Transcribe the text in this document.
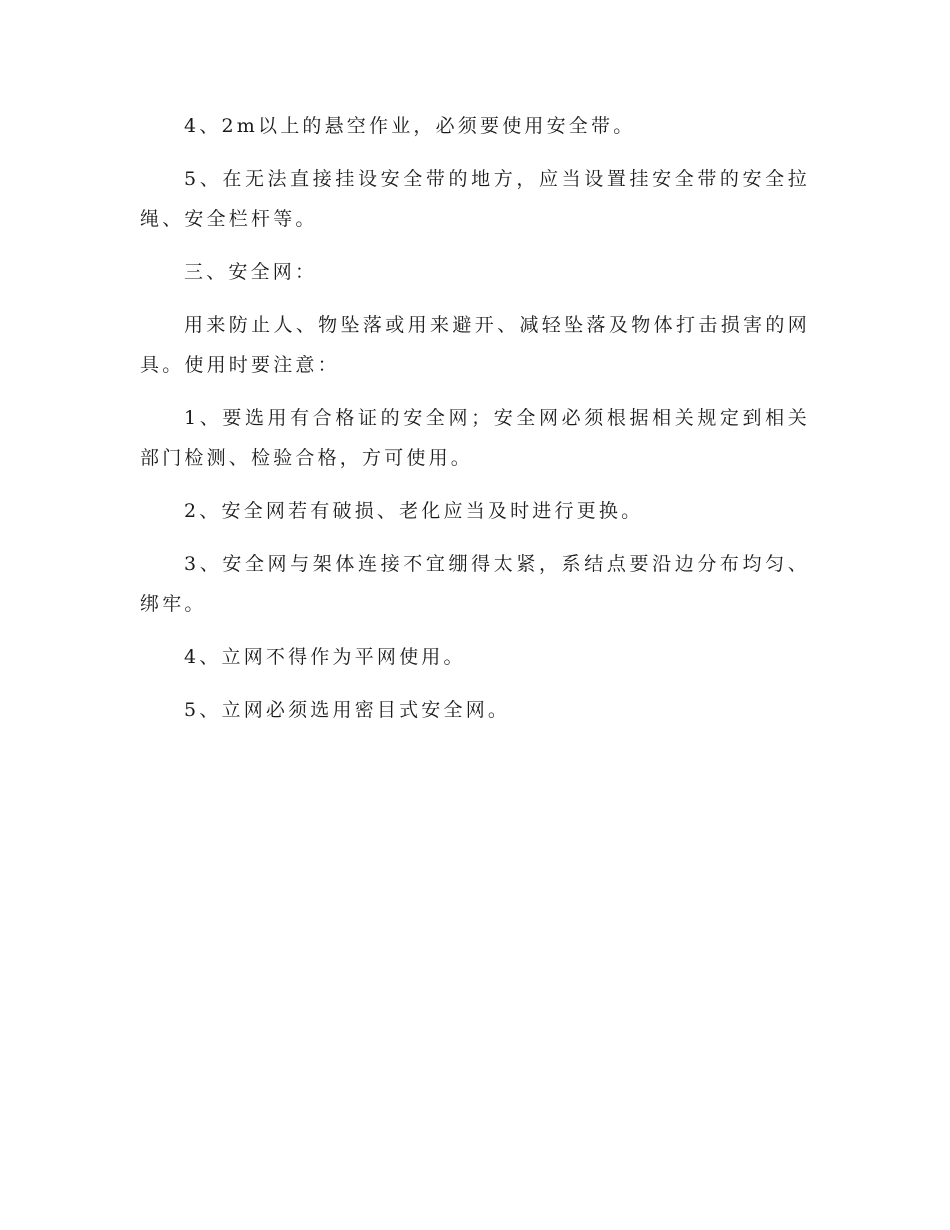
4、2m以上的悬空作业，必须要使用安全带。

5、在无法直接挂设安全带的地方，应当设置挂安全带的安全拉绳、安全栏杆等。

三、安全网：

用来防止人、物坠落或用来避开、减轻坠落及物体打击损害的网具。使用时要注意：

1、要选用有合格证的安全网；安全网必须根据相关规定到相关部门检测、检验合格，方可使用。

2、安全网若有破损、老化应当及时进行更换。

3、安全网与架体连接不宜绷得太紧，系结点要沿边分布均匀、绑牢。

4、立网不得作为平网使用。

5、立网必须选用密目式安全网。
